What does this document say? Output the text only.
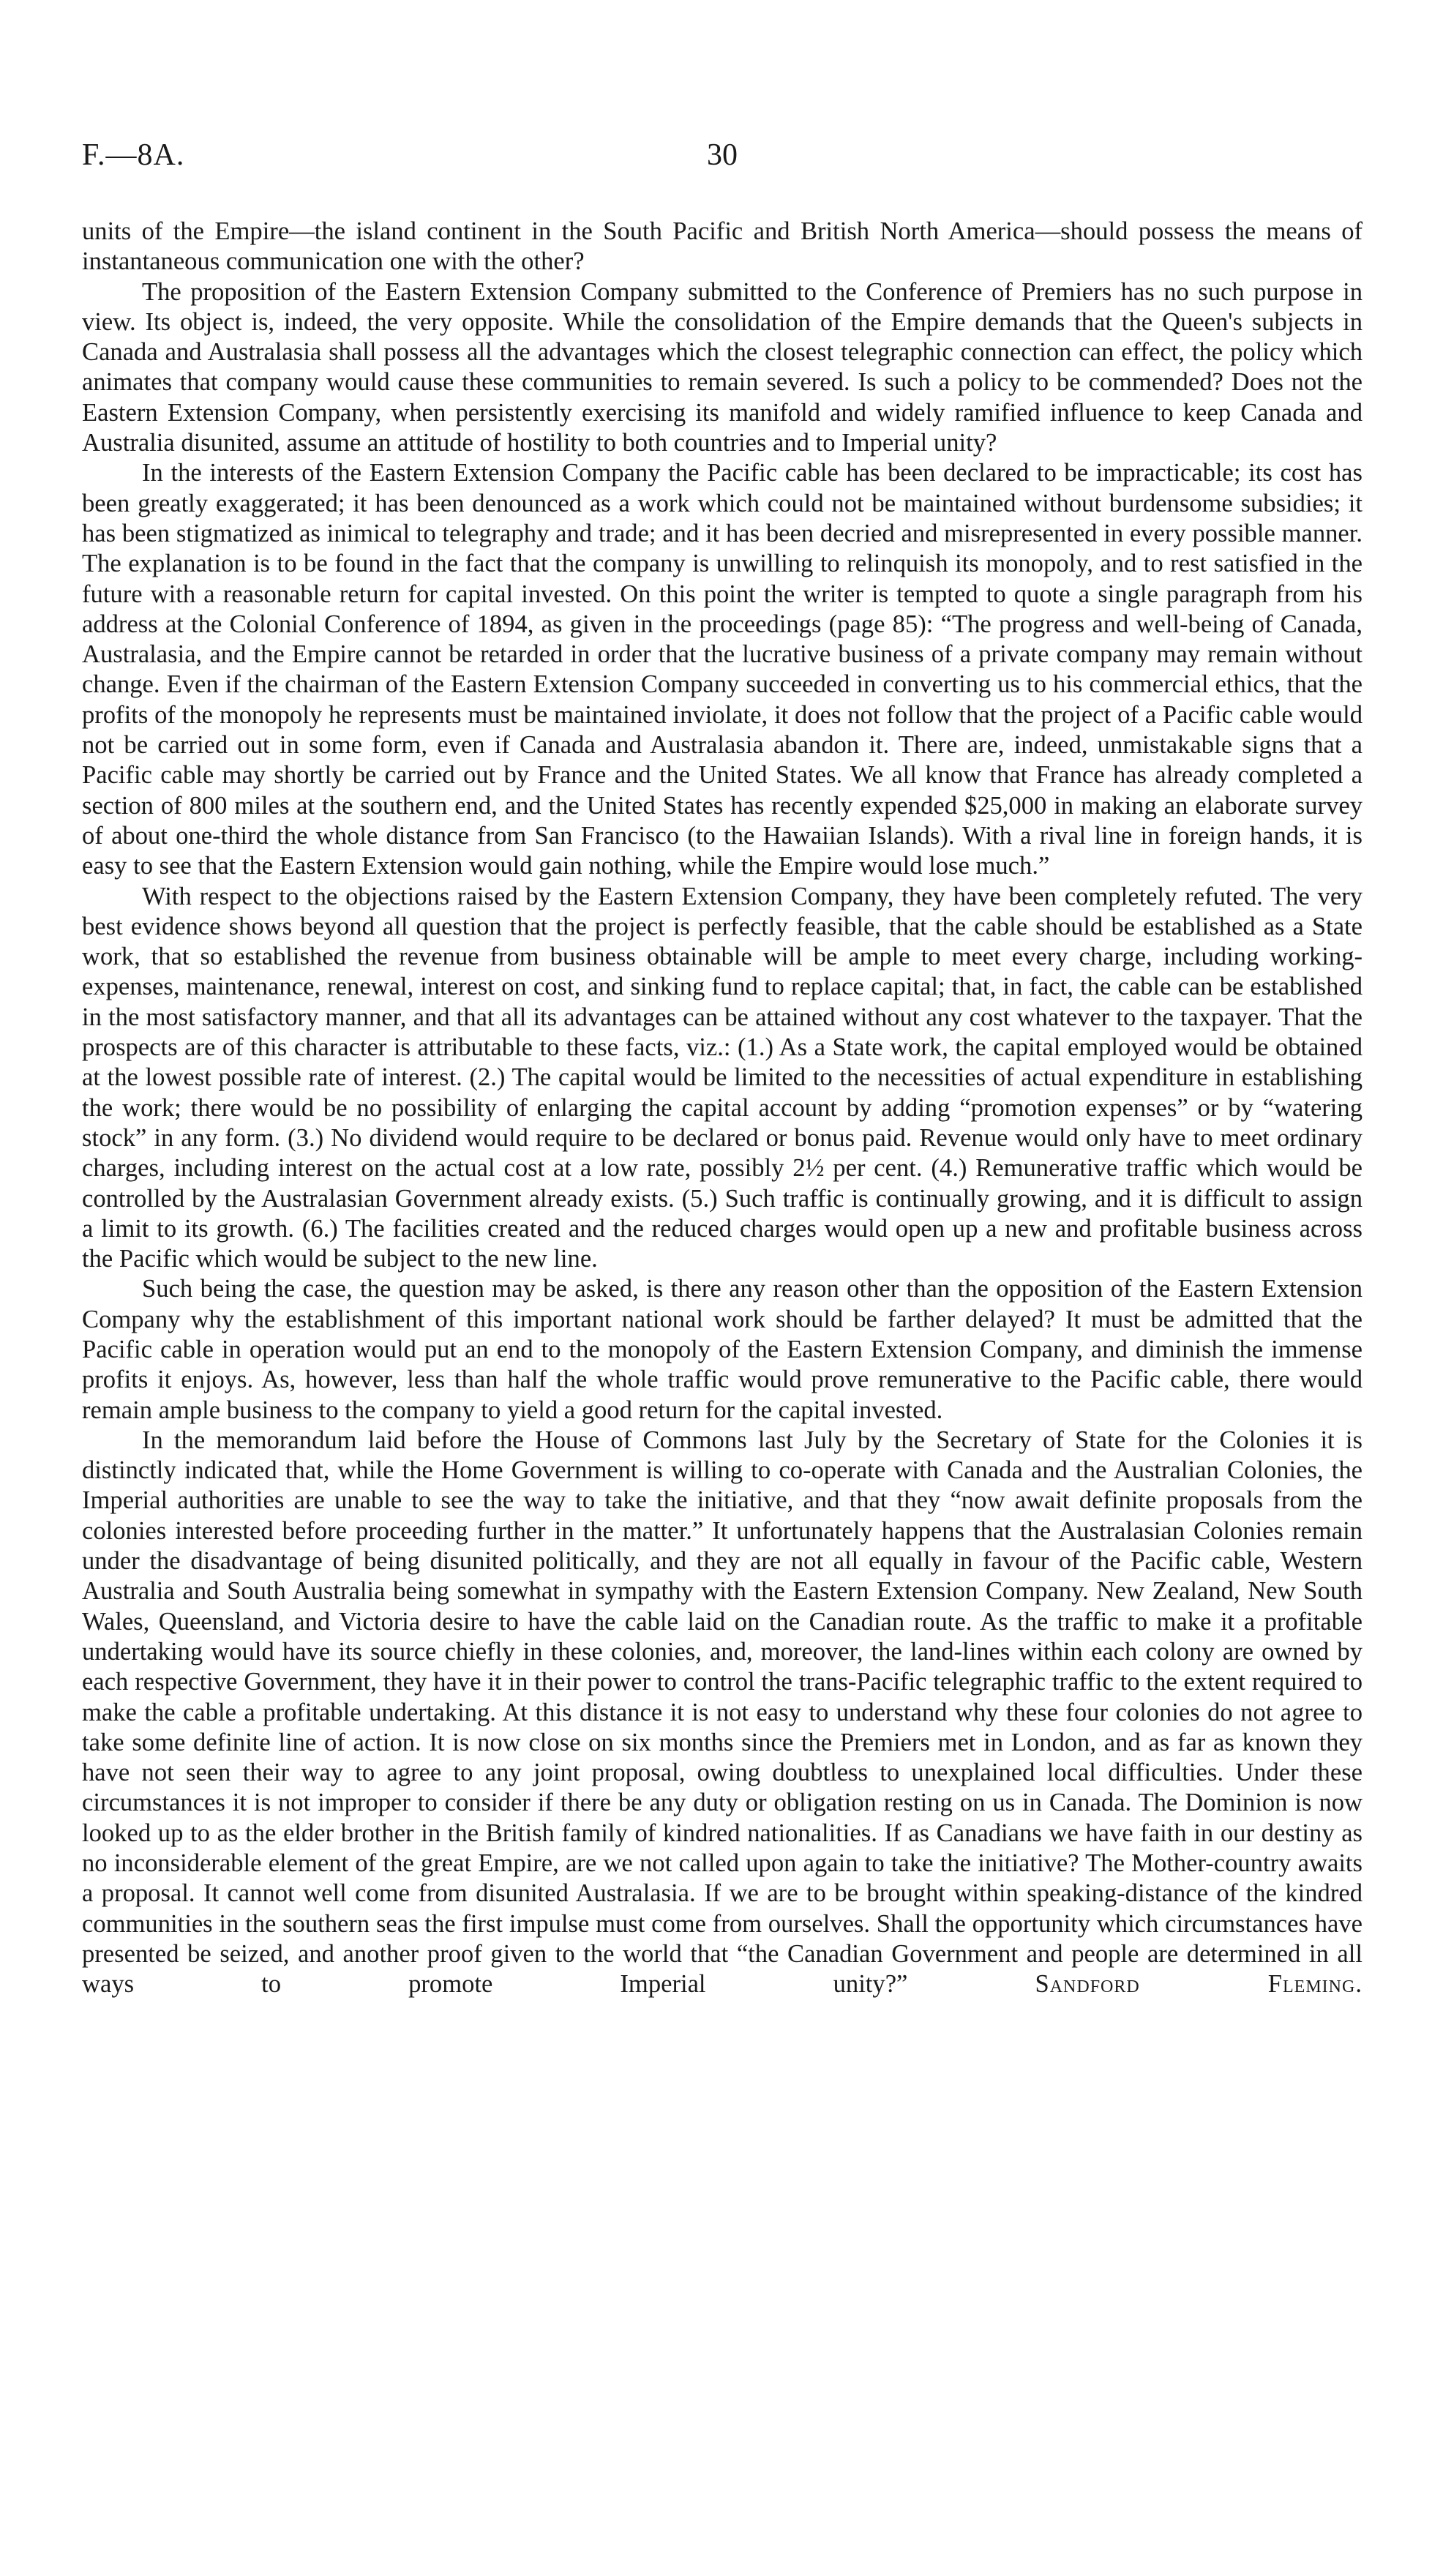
F.—8A.	30

units of the Empire—the island continent in the South Pacific and British North America—should possess the means of instantaneous communication one with the other?

The proposition of the Eastern Extension Company submitted to the Conference of Premiers has no such purpose in view. Its object is, indeed, the very opposite. While the consolidation of the Empire demands that the Queen's subjects in Canada and Australasia shall possess all the advantages which the closest telegraphic connection can effect, the policy which animates that company would cause these communities to remain severed. Is such a policy to be commended? Does not the Eastern Extension Company, when persistently exercising its manifold and widely ramified influence to keep Canada and Australia disunited, assume an attitude of hostility to both countries and to Imperial unity?

In the interests of the Eastern Extension Company the Pacific cable has been declared to be impracticable; its cost has been greatly exaggerated; it has been denounced as a work which could not be maintained without burdensome subsidies; it has been stigmatized as inimical to telegraphy and trade; and it has been decried and misrepresented in every possible manner. The explanation is to be found in the fact that the company is unwilling to relinquish its monopoly, and to rest satisfied in the future with a reasonable return for capital invested. On this point the writer is tempted to quote a single paragraph from his address at the Colonial Conference of 1894, as given in the proceedings (page 85): “The progress and well-being of Canada, Australasia, and the Empire cannot be retarded in order that the lucrative business of a private company may remain without change. Even if the chairman of the Eastern Extension Company succeeded in converting us to his commercial ethics, that the profits of the monopoly he represents must be maintained inviolate, it does not follow that the project of a Pacific cable would not be carried out in some form, even if Canada and Australasia abandon it. There are, indeed, unmistakable signs that a Pacific cable may shortly be carried out by France and the United States. We all know that France has already completed a section of 800 miles at the southern end, and the United States has recently expended $25,000 in making an elaborate survey of about one-third the whole distance from San Francisco (to the Hawaiian Islands). With a rival line in foreign hands, it is easy to see that the Eastern Extension would gain nothing, while the Empire would lose much.”

With respect to the objections raised by the Eastern Extension Company, they have been completely refuted. The very best evidence shows beyond all question that the project is perfectly feasible, that the cable should be established as a State work, that so established the revenue from business obtainable will be ample to meet every charge, including working-expenses, maintenance, renewal, interest on cost, and sinking fund to replace capital; that, in fact, the cable can be established in the most satisfactory manner, and that all its advantages can be attained without any cost whatever to the taxpayer. That the prospects are of this character is attributable to these facts, viz.: (1.) As a State work, the capital employed would be obtained at the lowest possible rate of interest. (2.) The capital would be limited to the necessities of actual expenditure in establishing the work; there would be no possibility of enlarging the capital account by adding “promotion expenses” or by “watering stock” in any form. (3.) No dividend would require to be declared or bonus paid. Revenue would only have to meet ordinary charges, including interest on the actual cost at a low rate, possibly 2½ per cent. (4.) Remunerative traffic which would be controlled by the Australasian Government already exists. (5.) Such traffic is continually growing, and it is difficult to assign a limit to its growth. (6.) The facilities created and the reduced charges would open up a new and profitable business across the Pacific which would be subject to the new line.

Such being the case, the question may be asked, is there any reason other than the opposition of the Eastern Extension Company why the establishment of this important national work should be farther delayed? It must be admitted that the Pacific cable in operation would put an end to the monopoly of the Eastern Extension Company, and diminish the immense profits it enjoys. As, however, less than half the whole traffic would prove remunerative to the Pacific cable, there would remain ample business to the company to yield a good return for the capital invested.

In the memorandum laid before the House of Commons last July by the Secretary of State for the Colonies it is distinctly indicated that, while the Home Government is willing to co-operate with Canada and the Australian Colonies, the Imperial authorities are unable to see the way to take the initiative, and that they “now await definite proposals from the colonies interested before proceeding further in the matter.” It unfortunately happens that the Australasian Colonies remain under the disadvantage of being disunited politically, and they are not all equally in favour of the Pacific cable, Western Australia and South Australia being somewhat in sympathy with the Eastern Extension Company. New Zealand, New South Wales, Queensland, and Victoria desire to have the cable laid on the Canadian route. As the traffic to make it a profitable undertaking would have its source chiefly in these colonies, and, moreover, the land-lines within each colony are owned by each respective Government, they have it in their power to control the trans-Pacific telegraphic traffic to the extent required to make the cable a profitable undertaking. At this distance it is not easy to understand why these four colonies do not agree to take some definite line of action. It is now close on six months since the Premiers met in London, and as far as known they have not seen their way to agree to any joint proposal, owing doubtless to unexplained local difficulties. Under these circumstances it is not improper to consider if there be any duty or obligation resting on us in Canada. The Dominion is now looked up to as the elder brother in the British family of kindred nationalities. If as Canadians we have faith in our destiny as no inconsiderable element of the great Empire, are we not called upon again to take the initiative? The Mother-country awaits a proposal. It cannot well come from disunited Australasia. If we are to be brought within speaking-distance of the kindred communities in the southern seas the first impulse must come from ourselves. Shall the opportunity which circumstances have presented be seized, and another proof given to the world that “the Canadian Government and people are determined in all ways to promote Imperial unity?”	Sandford Fleming.
